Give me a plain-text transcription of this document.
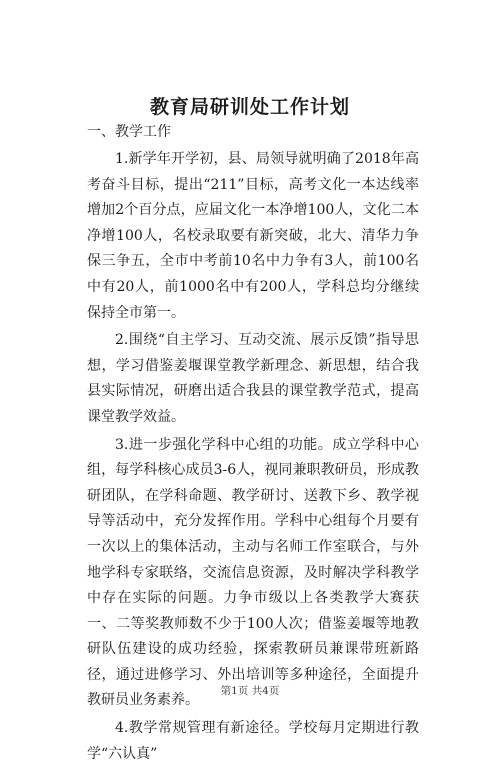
教育局研训处工作计划

一、教学工作

1.新学年开学初，县、局领导就明确了2018年高考奋斗目标，提出“211”目标，高考文化一本达线率增加2个百分点，应届文化一本净增100人，文化二本净增100人，名校录取要有新突破，北大、清华力争保三争五，全市中考前10名中力争有3人，前100名中有20人，前1000名中有200人，学科总均分继续保持全市第一。

2.围绕“自主学习、互动交流、展示反馈”指导思想，学习借鉴姜堰课堂教学新理念、新思想，结合我县实际情况，研磨出适合我县的课堂教学范式，提高课堂教学效益。

3.进一步强化学科中心组的功能。成立学科中心组，每学科核心成员3-6人，视同兼职教研员，形成教研团队，在学科命题、教学研讨、送教下乡、教学视导等活动中，充分发挥作用。学科中心组每个月要有一次以上的集体活动，主动与名师工作室联合，与外地学科专家联络，交流信息资源，及时解决学科教学中存在实际的问题。力争市级以上各类教学大赛获一、二等奖教师数不少于100人次；借鉴姜堰等地教研队伍建设的成功经验，探索教研员兼课带班新路径，通过进修学习、外出培训等多种途径，全面提升教研员业务素养。

4.教学常规管理有新途径。学校每月定期进行教学“六认真”

第1页 共4页
